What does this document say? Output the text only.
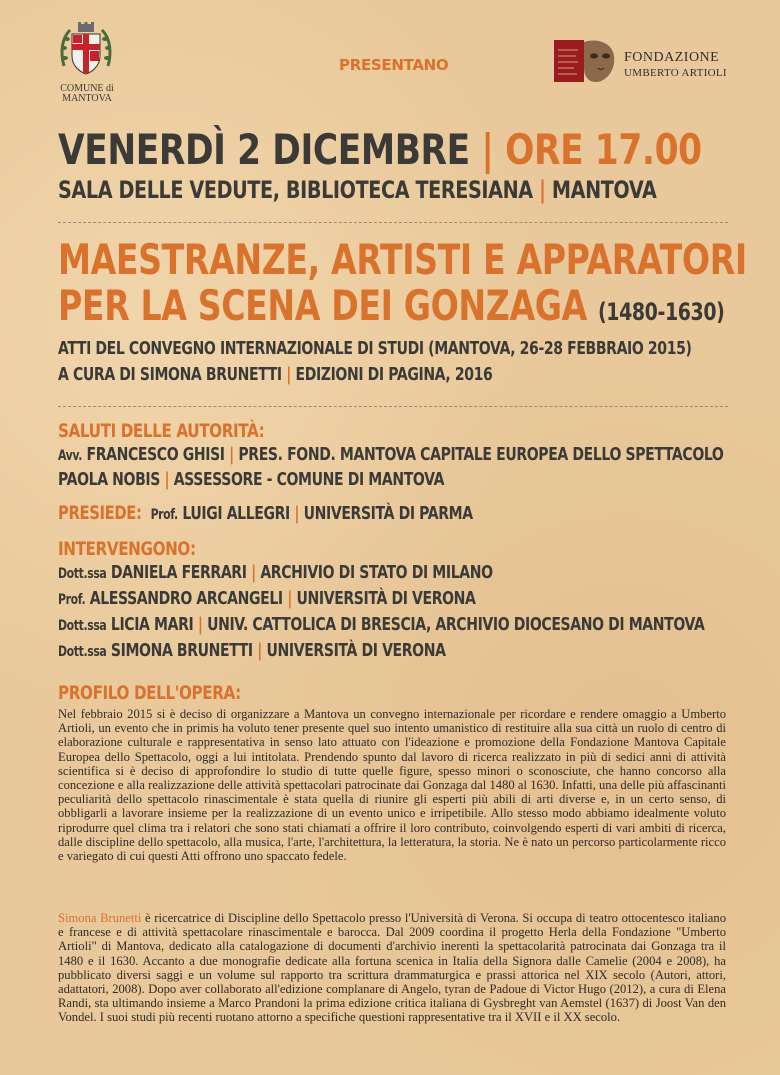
COMUNE di
MANTOVA
PRESENTANO	FONDAZIONE
UMBERTO ARTIOLI
VENERDÌ 2 DICEMBRE | ORE 17.00
SALA DELLE VEDUTE, BIBLIOTECA TERESIANA | MANTOVA
MAESTRANZE, ARTISTI E APPARATORI
PER LA SCENA DEI GONZAGA (1480-1630)
ATTI DEL CONVEGNO INTERNAZIONALE DI STUDI (MANTOVA, 26-28 FEBBRAIO 2015)
A CURA DI SIMONA BRUNETTI | EDIZIONI DI PAGINA, 2016
SALUTI DELLE AUTORITÀ:
Avv. FRANCESCO GHISI | PRES. FOND. MANTOVA CAPITALE EUROPEA DELLO SPETTACOLO
PAOLA NOBIS | ASSESSORE - COMUNE DI MANTOVA
PRESIEDE: Prof. LUIGI ALLEGRI | UNIVERSITÀ DI PARMA
INTERVENGONO:
Dott.ssa DANIELA FERRARI | ARCHIVIO DI STATO DI MILANO
Prof. ALESSANDRO ARCANGELI | UNIVERSITÀ DI VERONA
Dott.ssa LICIA MARI | UNIV. CATTOLICA DI BRESCIA, ARCHIVIO DIOCESANO DI MANTOVA
Dott.ssa SIMONA BRUNETTI | UNIVERSITÀ DI VERONA
PROFILO DELL'OPERA:
Nel febbraio 2015 si è deciso di organizzare a Mantova un convegno internazionale per ricordare e rendere omaggio a Umberto Artioli, un evento che in primis ha voluto tener presente quel suo intento umanistico di restituire alla sua città un ruolo di centro di elaborazione culturale e rappresentativa in senso lato attuato con l'ideazione e promozione della Fondazione Mantova Capitale Europea dello Spettacolo, oggi a lui intitolata. Prendendo spunto dal lavoro di ricerca realizzato in più di sedici anni di attività scientifica si è deciso di approfondire lo studio di tutte quelle figure, spesso minori o sconosciute, che hanno concorso alla concezione e alla realizzazione delle attività spettacolari patrocinate dai Gonzaga dal 1480 al 1630. Infatti, una delle più affascinanti peculiarità dello spettacolo rinascimentale è stata quella di riunire gli esperti più abili di arti diverse e, in un certo senso, di obbligarli a lavorare insieme per la realizzazione di un evento unico e irripetibile. Allo stesso modo abbiamo idealmente voluto riprodurre quel clima tra i relatori che sono stati chiamati a offrire il loro contributo, coinvolgendo esperti di vari ambiti di ricerca, dalle discipline dello spettacolo, alla musica, l'arte, l'architettura, la letteratura, la storia. Ne è nato un percorso particolarmente ricco e variegato di cui questi Atti offrono uno spaccato fedele.
Simona Brunetti è ricercatrice di Discipline dello Spettacolo presso l'Università di Verona. Si occupa di teatro ottocentesco italiano e francese e di attività spettacolare rinascimentale e barocca. Dal 2009 coordina il progetto Herla della Fondazione "Umberto Artioli" di Mantova, dedicato alla catalogazione di documenti d'archivio inerenti la spettacolarità patrocinata dai Gonzaga tra il 1480 e il 1630. Accanto a due monografie dedicate alla fortuna scenica in Italia della Signora dalle Camelie (2004 e 2008), ha pubblicato diversi saggi e un volume sul rapporto tra scrittura drammaturgica e prassi attorica nel XIX secolo (Autori, attori, adattatori, 2008). Dopo aver collaborato all'edizione complanare di Angelo, tyran de Padoue di Victor Hugo (2012), a cura di Elena Randi, sta ultimando insieme a Marco Prandoni la prima edizione critica italiana di Gysbreght van Aemstel (1637) di Joost Van den Vondel. I suoi studi più recenti ruotano attorno a specifiche questioni rappresentative tra il XVII e il XX secolo.
